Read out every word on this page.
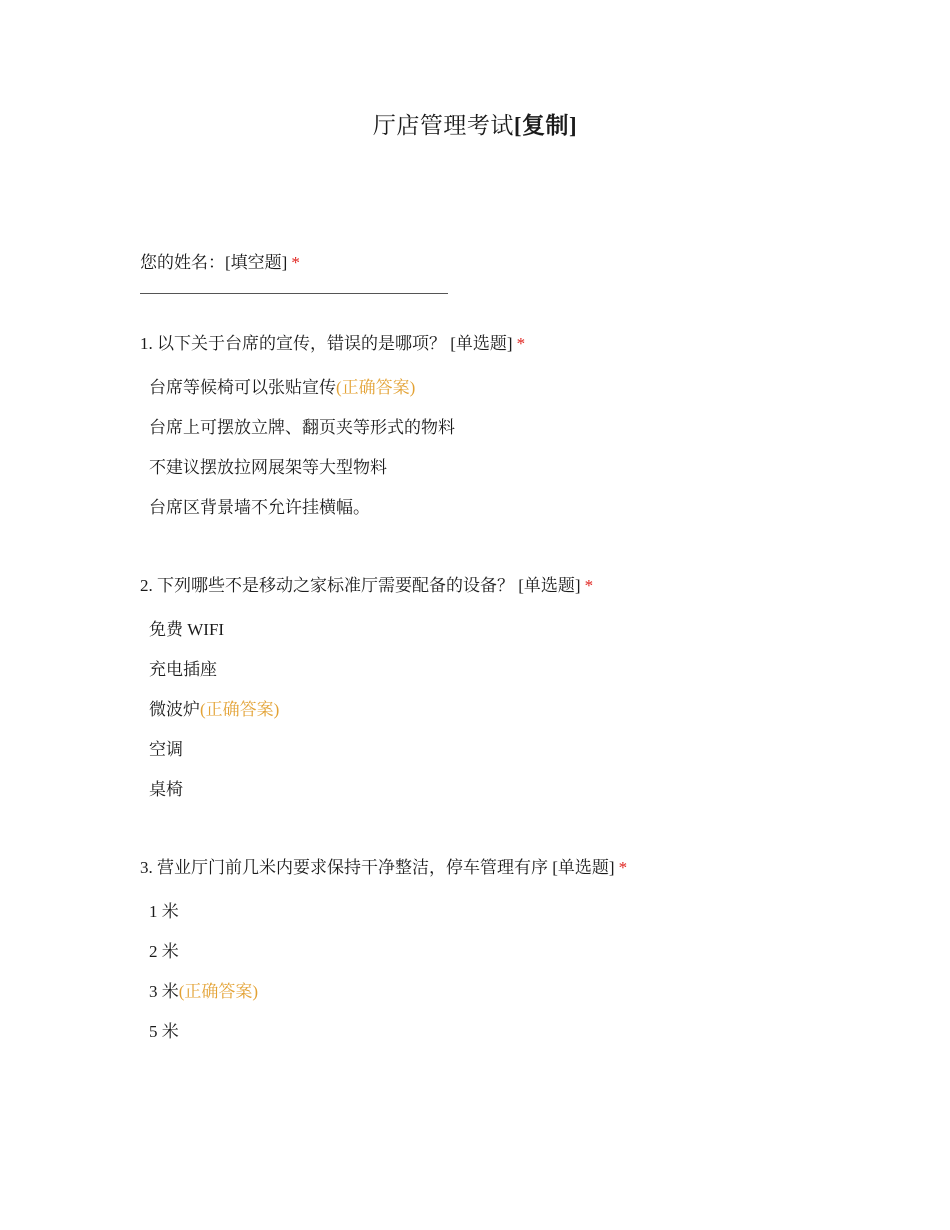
厅店管理考试[复制]
您的姓名：[填空题] *
1. 以下关于台席的宣传，错误的是哪项？ [单选题] *
台席等候椅可以张贴宣传(正确答案)
台席上可摆放立牌、翻页夹等形式的物料
不建议摆放拉网展架等大型物料
台席区背景墙不允许挂横幅。
2. 下列哪些不是移动之家标准厅需要配备的设备？ [单选题] *
免费 WIFI
充电插座
微波炉(正确答案)
空调
桌椅
3. 营业厅门前几米内要求保持干净整洁，停车管理有序 [单选题] *
1 米
2 米
3 米(正确答案)
5 米
